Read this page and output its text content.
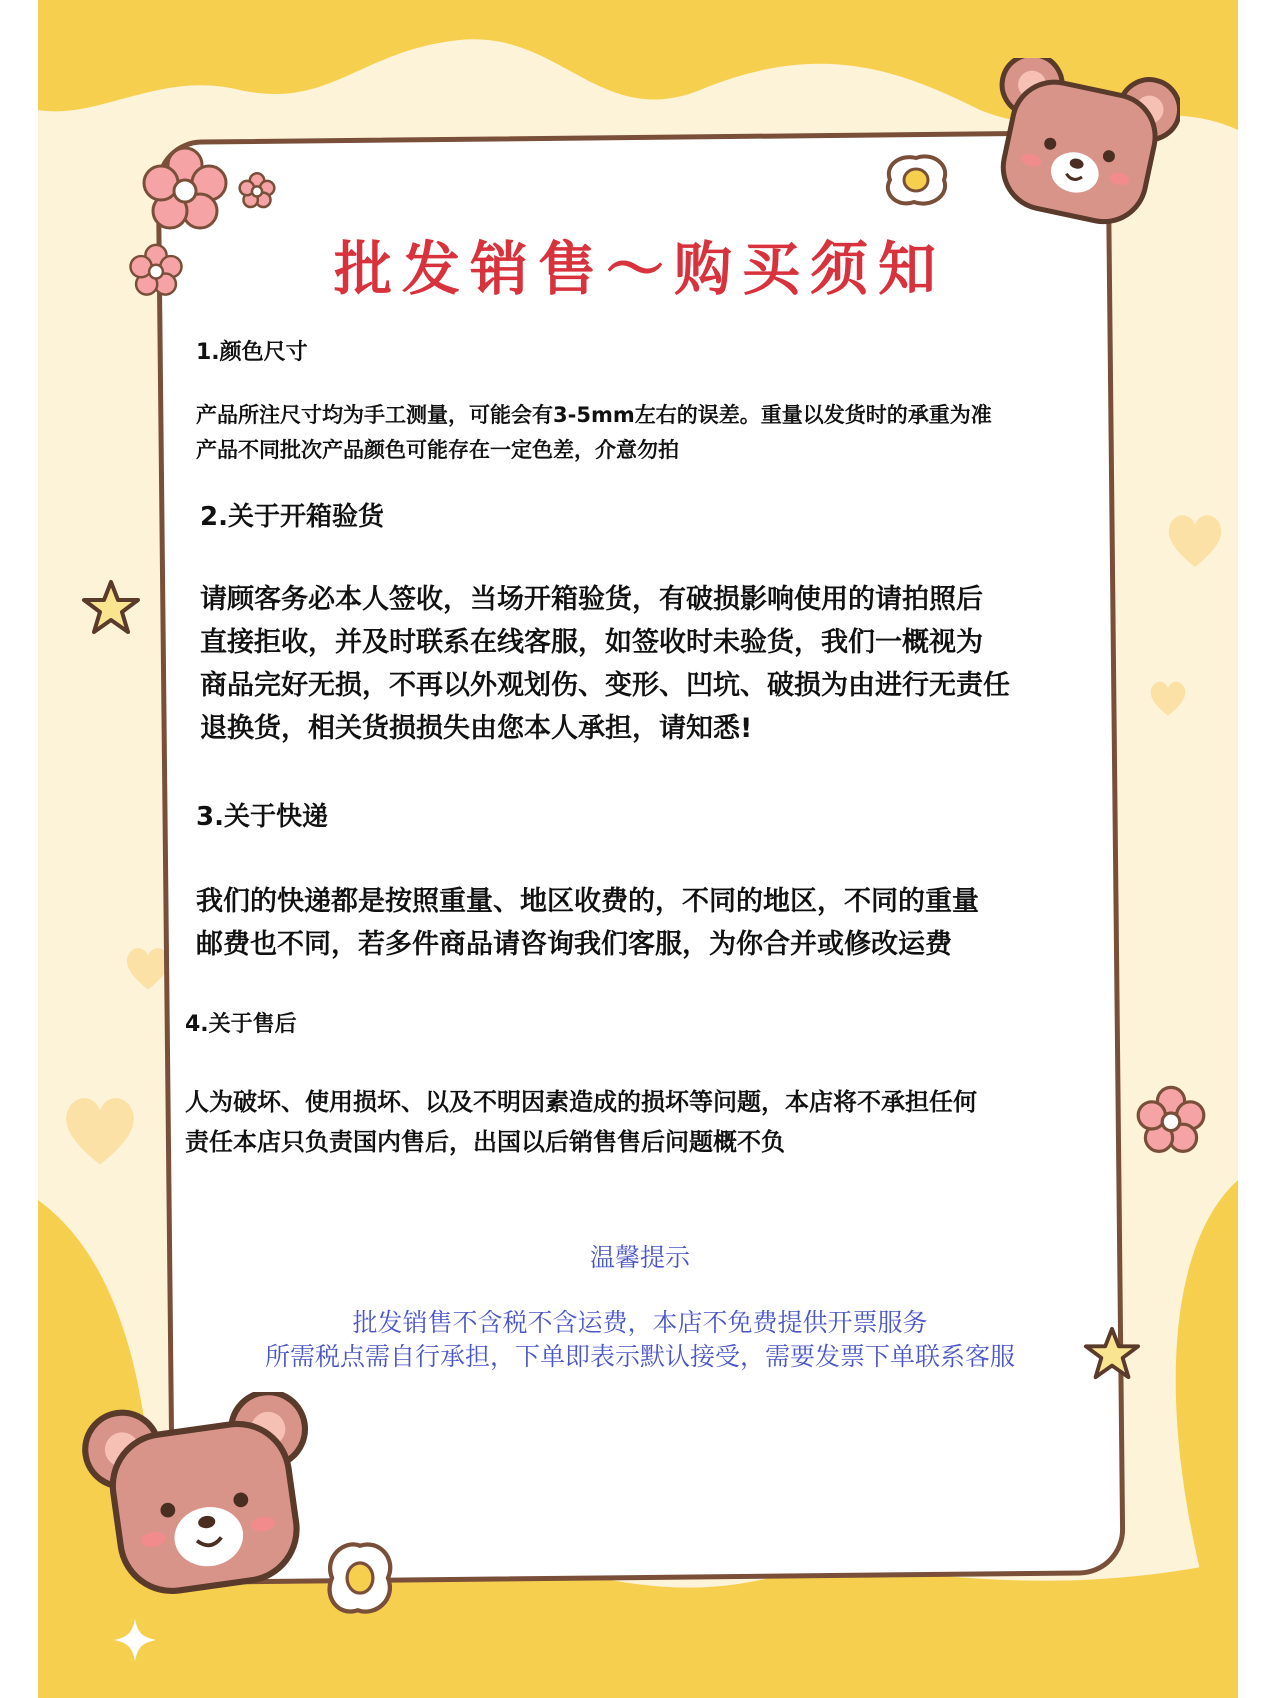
批发销售～购买须知
1.颜色尺寸
产品所注尺寸均为手工测量，可能会有3-5mm左右的误差。重量以发货时的承重为准
产品不同批次产品颜色可能存在一定色差，介意勿拍
2.关于开箱验货
请顾客务必本人签收，当场开箱验货，有破损影响使用的请拍照后
直接拒收，并及时联系在线客服，如签收时未验货，我们一概视为
商品完好无损，不再以外观划伤、变形、凹坑、破损为由进行无责任
退换货，相关货损损失由您本人承担，请知悉!
3.关于快递
我们的快递都是按照重量、地区收费的，不同的地区，不同的重量
邮费也不同，若多件商品请咨询我们客服，为你合并或修改运费
4.关于售后
人为破坏、使用损坏、以及不明因素造成的损坏等问题，本店将不承担任何
责任本店只负责国内售后，出国以后销售售后问题概不负
温馨提示
批发销售不含税不含运费，本店不免费提供开票服务
所需税点需自行承担，下单即表示默认接受，需要发票下单联系客服
